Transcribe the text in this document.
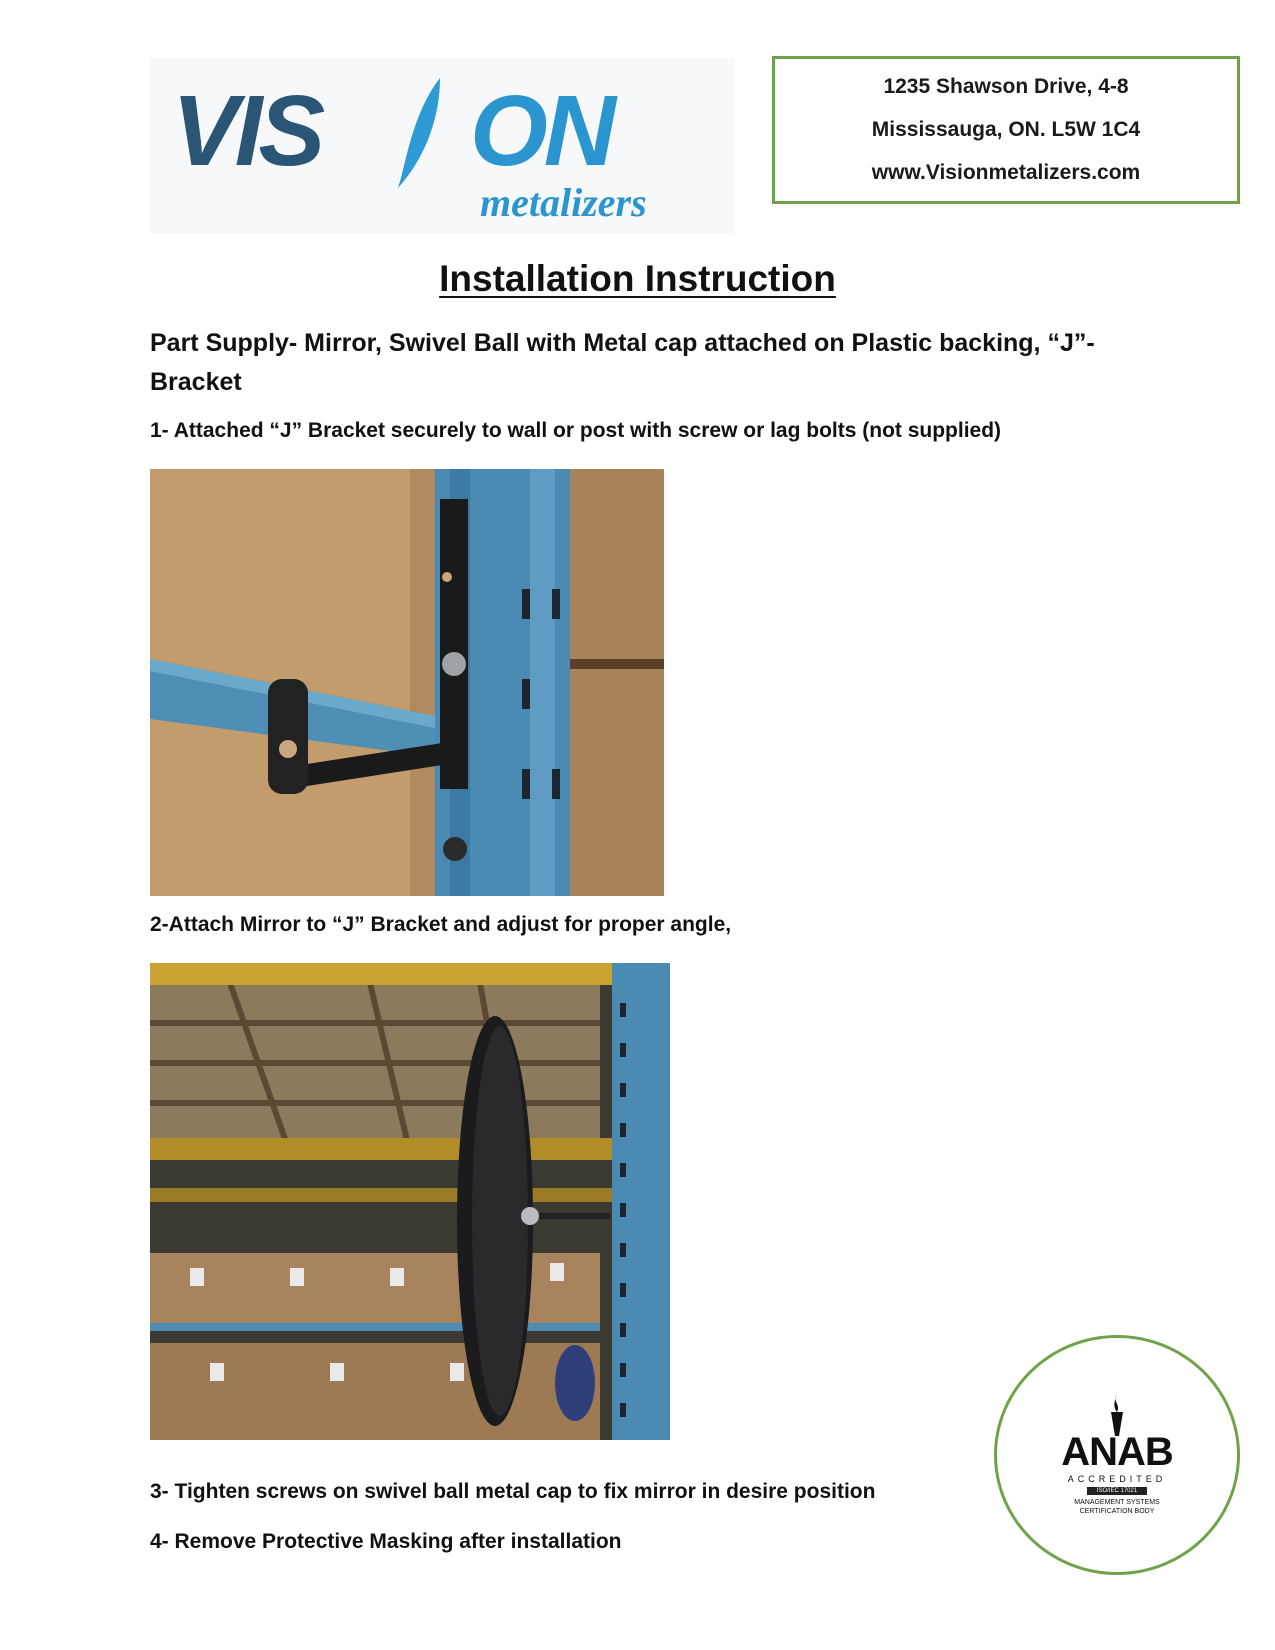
VIS ON
metalizers
1235 Shawson Drive, 4-8
Mississauga, ON. L5W 1C4
www.Visionmetalizers.com
Installation Instruction
Part Supply- Mirror, Swivel Ball with Metal cap attached on Plastic backing, “J”- Bracket
1- Attached “J” Bracket securely to wall or post with screw or lag bolts (not supplied)
2-Attach Mirror to “J” Bracket and adjust for proper angle,
3- Tighten screws on swivel ball metal cap to fix mirror in desire position
4- Remove Protective Masking after installation
ANAB
ACCREDITED
ISO/IEC 17021
MANAGEMENT SYSTEMS
CERTIFICATION BODY
